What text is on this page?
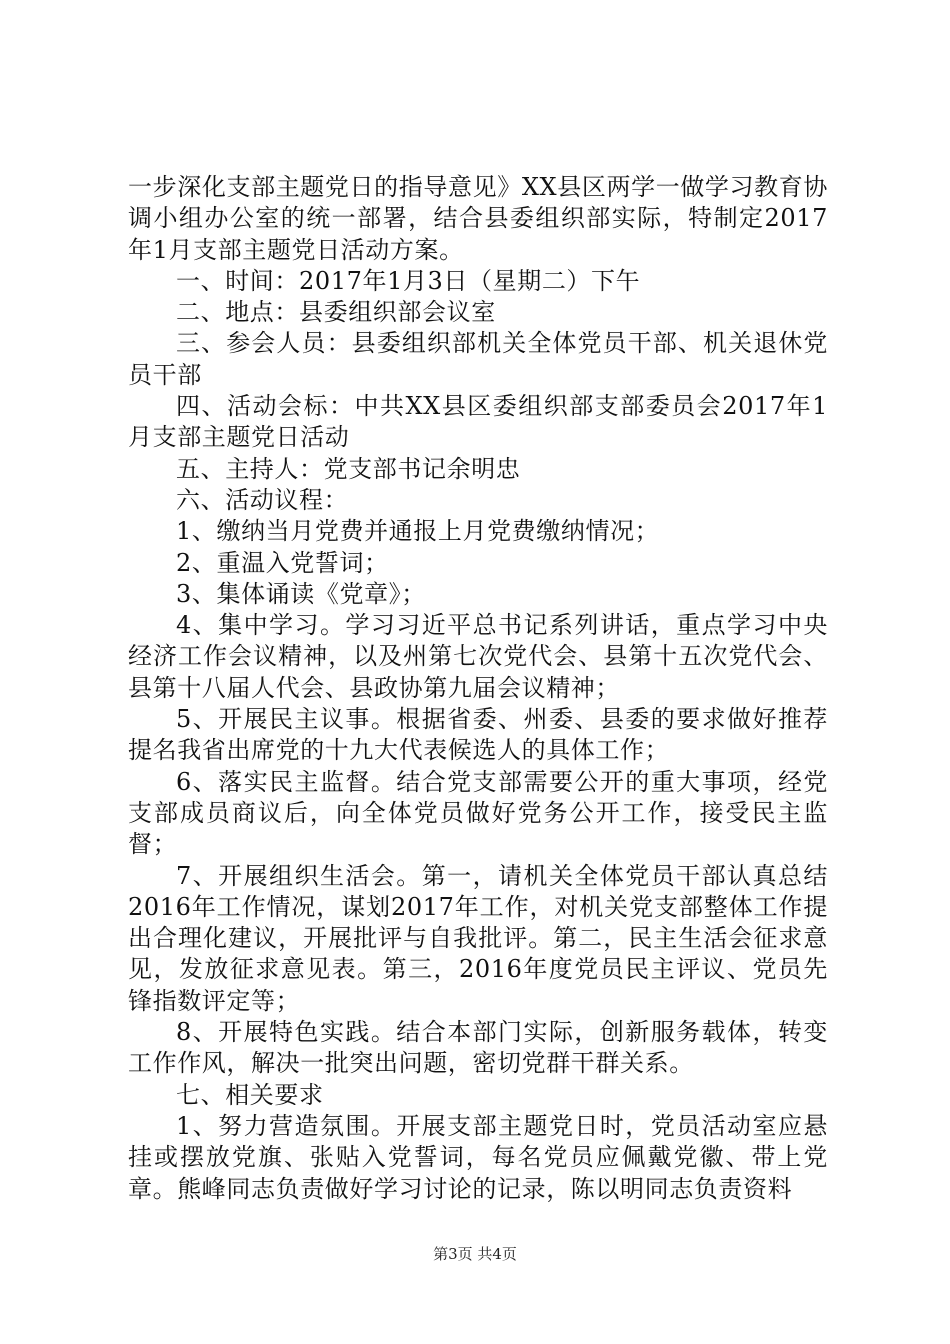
一步深化支部主题党日的指导意见》XX县区两学一做学习教育协调小组办公室的统一部署，结合县委组织部实际，特制定2017年1月支部主题党日活动方案。

一、时间：2017年1月3日（星期二）下午

二、地点：县委组织部会议室

三、参会人员：县委组织部机关全体党员干部、机关退休党员干部

四、活动会标：中共XX县区委组织部支部委员会2017年1月支部主题党日活动

五、主持人：党支部书记余明忠

六、活动议程：

1、缴纳当月党费并通报上月党费缴纳情况；

2、重温入党誓词；

3、集体诵读《党章》；

4、集中学习。学习习近平总书记系列讲话，重点学习中央经济工作会议精神，以及州第七次党代会、县第十五次党代会、县第十八届人代会、县政协第九届会议精神；

5、开展民主议事。根据省委、州委、县委的要求做好推荐提名我省出席党的十九大代表候选人的具体工作；

6、落实民主监督。结合党支部需要公开的重大事项，经党支部成员商议后，向全体党员做好党务公开工作，接受民主监督；

7、开展组织生活会。第一，请机关全体党员干部认真总结2016年工作情况，谋划2017年工作，对机关党支部整体工作提出合理化建议，开展批评与自我批评。第二，民主生活会征求意见，发放征求意见表。第三，2016年度党员民主评议、党员先锋指数评定等；

8、开展特色实践。结合本部门实际，创新服务载体，转变工作作风，解决一批突出问题，密切党群干群关系。

七、相关要求

1、努力营造氛围。开展支部主题党日时，党员活动室应悬挂或摆放党旗、张贴入党誓词，每名党员应佩戴党徽、带上党章。熊峰同志负责做好学习讨论的记录，陈以明同志负责资料

第3页 共4页
